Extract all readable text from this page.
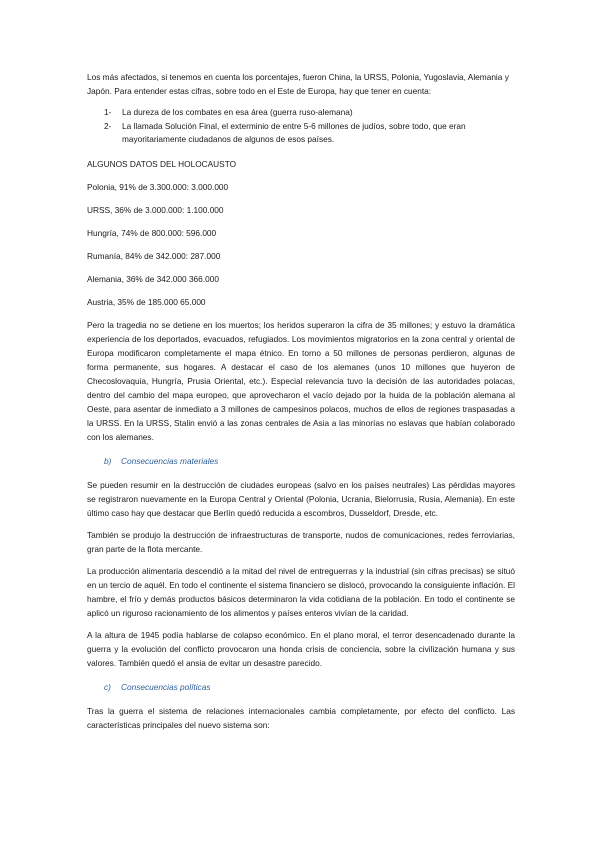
Los más afectados, si tenemos en cuenta los porcentajes, fueron China, la URSS, Polonia, Yugoslavia, Alemania y Japón. Para entender estas cifras, sobre todo en el Este de Europa, hay que tener en cuenta:

1-	La dureza de los combates en esa área (guerra ruso-alemana)
2-	La llamada Solución Final, el exterminio de entre 5-6 millones de judíos, sobre todo, que eran mayoritariamente ciudadanos de algunos de esos países.

ALGUNOS DATOS DEL HOLOCAUSTO

Polonia, 91% de 3.300.000: 3.000.000

URSS, 36% de 3.000.000: 1.100.000

Hungría, 74% de 800.000: 596.000

Rumanía, 84% de 342.000: 287.000

Alemania, 36% de 342.000 366.000

Austria, 35% de 185.000 65.000

Pero la tragedia no se detiene en los muertos; los heridos superaron la cifra de 35 millones; y estuvo la dramática experiencia de los deportados, evacuados, refugiados. Los movimientos migratorios en la zona central y oriental de Europa modificaron completamente el mapa étnico. En torno a 50 millones de personas perdieron, algunas de forma permanente, sus hogares. A destacar el caso de los alemanes (unos 10 millones que huyeron de Checoslovaquia, Hungría, Prusia Oriental, etc.). Especial relevancia tuvo la decisión de las autoridades polacas, dentro del cambio del mapa europeo, que aprovecharon el vacío dejado por la huida de la población alemana al Oeste, para asentar de inmediato a 3 millones de campesinos polacos, muchos de ellos de regiones traspasadas a la URSS. En la URSS, Stalin envió a las zonas centrales de Asia a las minorías no eslavas que habían colaborado con los alemanes.

b) Consecuencias materiales

Se pueden resumir en la destrucción de ciudades europeas (salvo en los países neutrales) Las pérdidas mayores se registraron nuevamente en la Europa Central y Oriental (Polonia, Ucrania, Bielorrusia, Rusia, Alemania). En este último caso hay que destacar que Berlín quedó reducida a escombros, Dusseldorf, Dresde, etc.

También se produjo la destrucción de infraestructuras de transporte, nudos de comunicaciones, redes ferroviarias, gran parte de la flota mercante.

La producción alimentaria descendió a la mitad del nivel de entreguerras y la industrial (sin cifras precisas) se situó en un tercio de aquél. En todo el continente el sistema financiero se dislocó, provocando la consiguiente inflación. El hambre, el frío y demás productos básicos determinaron la vida cotidiana de la población. En todo el continente se aplicó un riguroso racionamiento de los alimentos y países enteros vivían de la caridad.

A la altura de 1945 podía hablarse de colapso económico. En el plano moral, el terror desencadenado durante la guerra y la evolución del conflicto provocaron una honda crisis de conciencia, sobre la civilización humana y sus valores. También quedó el ansia de evitar un desastre parecido.

c) Consecuencias políticas

Tras la guerra el sistema de relaciones internacionales cambia completamente, por efecto del conflicto. Las características principales del nuevo sistema son:
